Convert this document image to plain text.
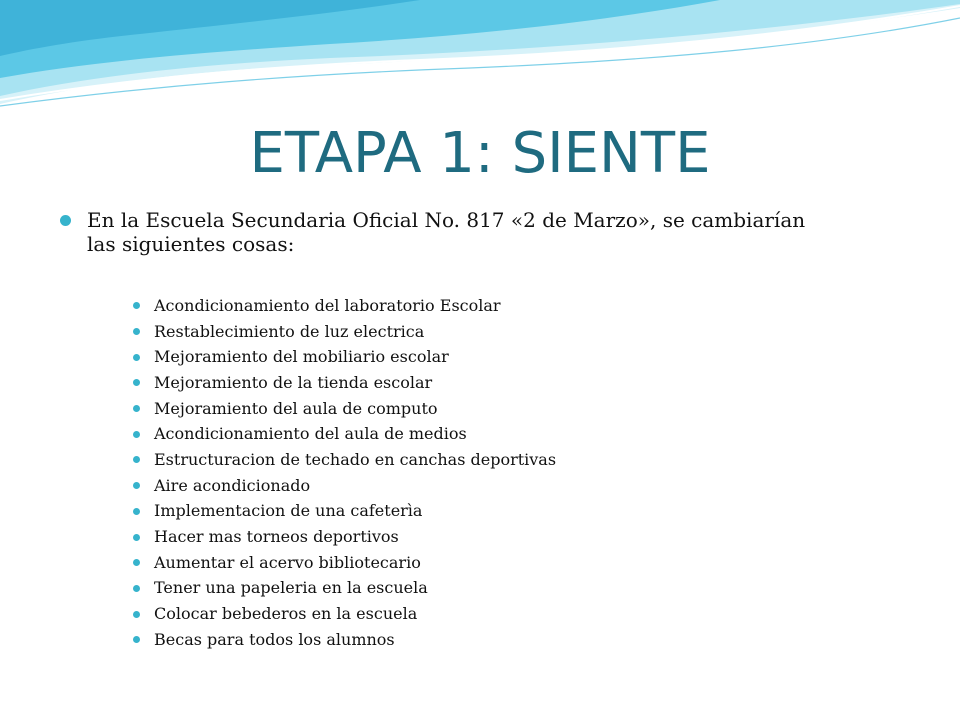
ETAPA 1: SIENTE
En la Escuela Secundaria Oficial No. 817 «2 de Marzo», se cambiarían
las siguientes cosas:
Acondicionamiento del laboratorio Escolar
Restablecimiento de luz electrica
Mejoramiento del mobiliario escolar
Mejoramiento de la tienda escolar
Mejoramiento del aula de computo
Acondicionamiento del aula de medios
Estructuracion de techado en canchas deportivas
Aire acondicionado
Implementacion de una cafeterìa
Hacer mas torneos deportivos
Aumentar el acervo bibliotecario
Tener una papeleria en la escuela
Colocar bebederos en la escuela
Becas para todos los alumnos
